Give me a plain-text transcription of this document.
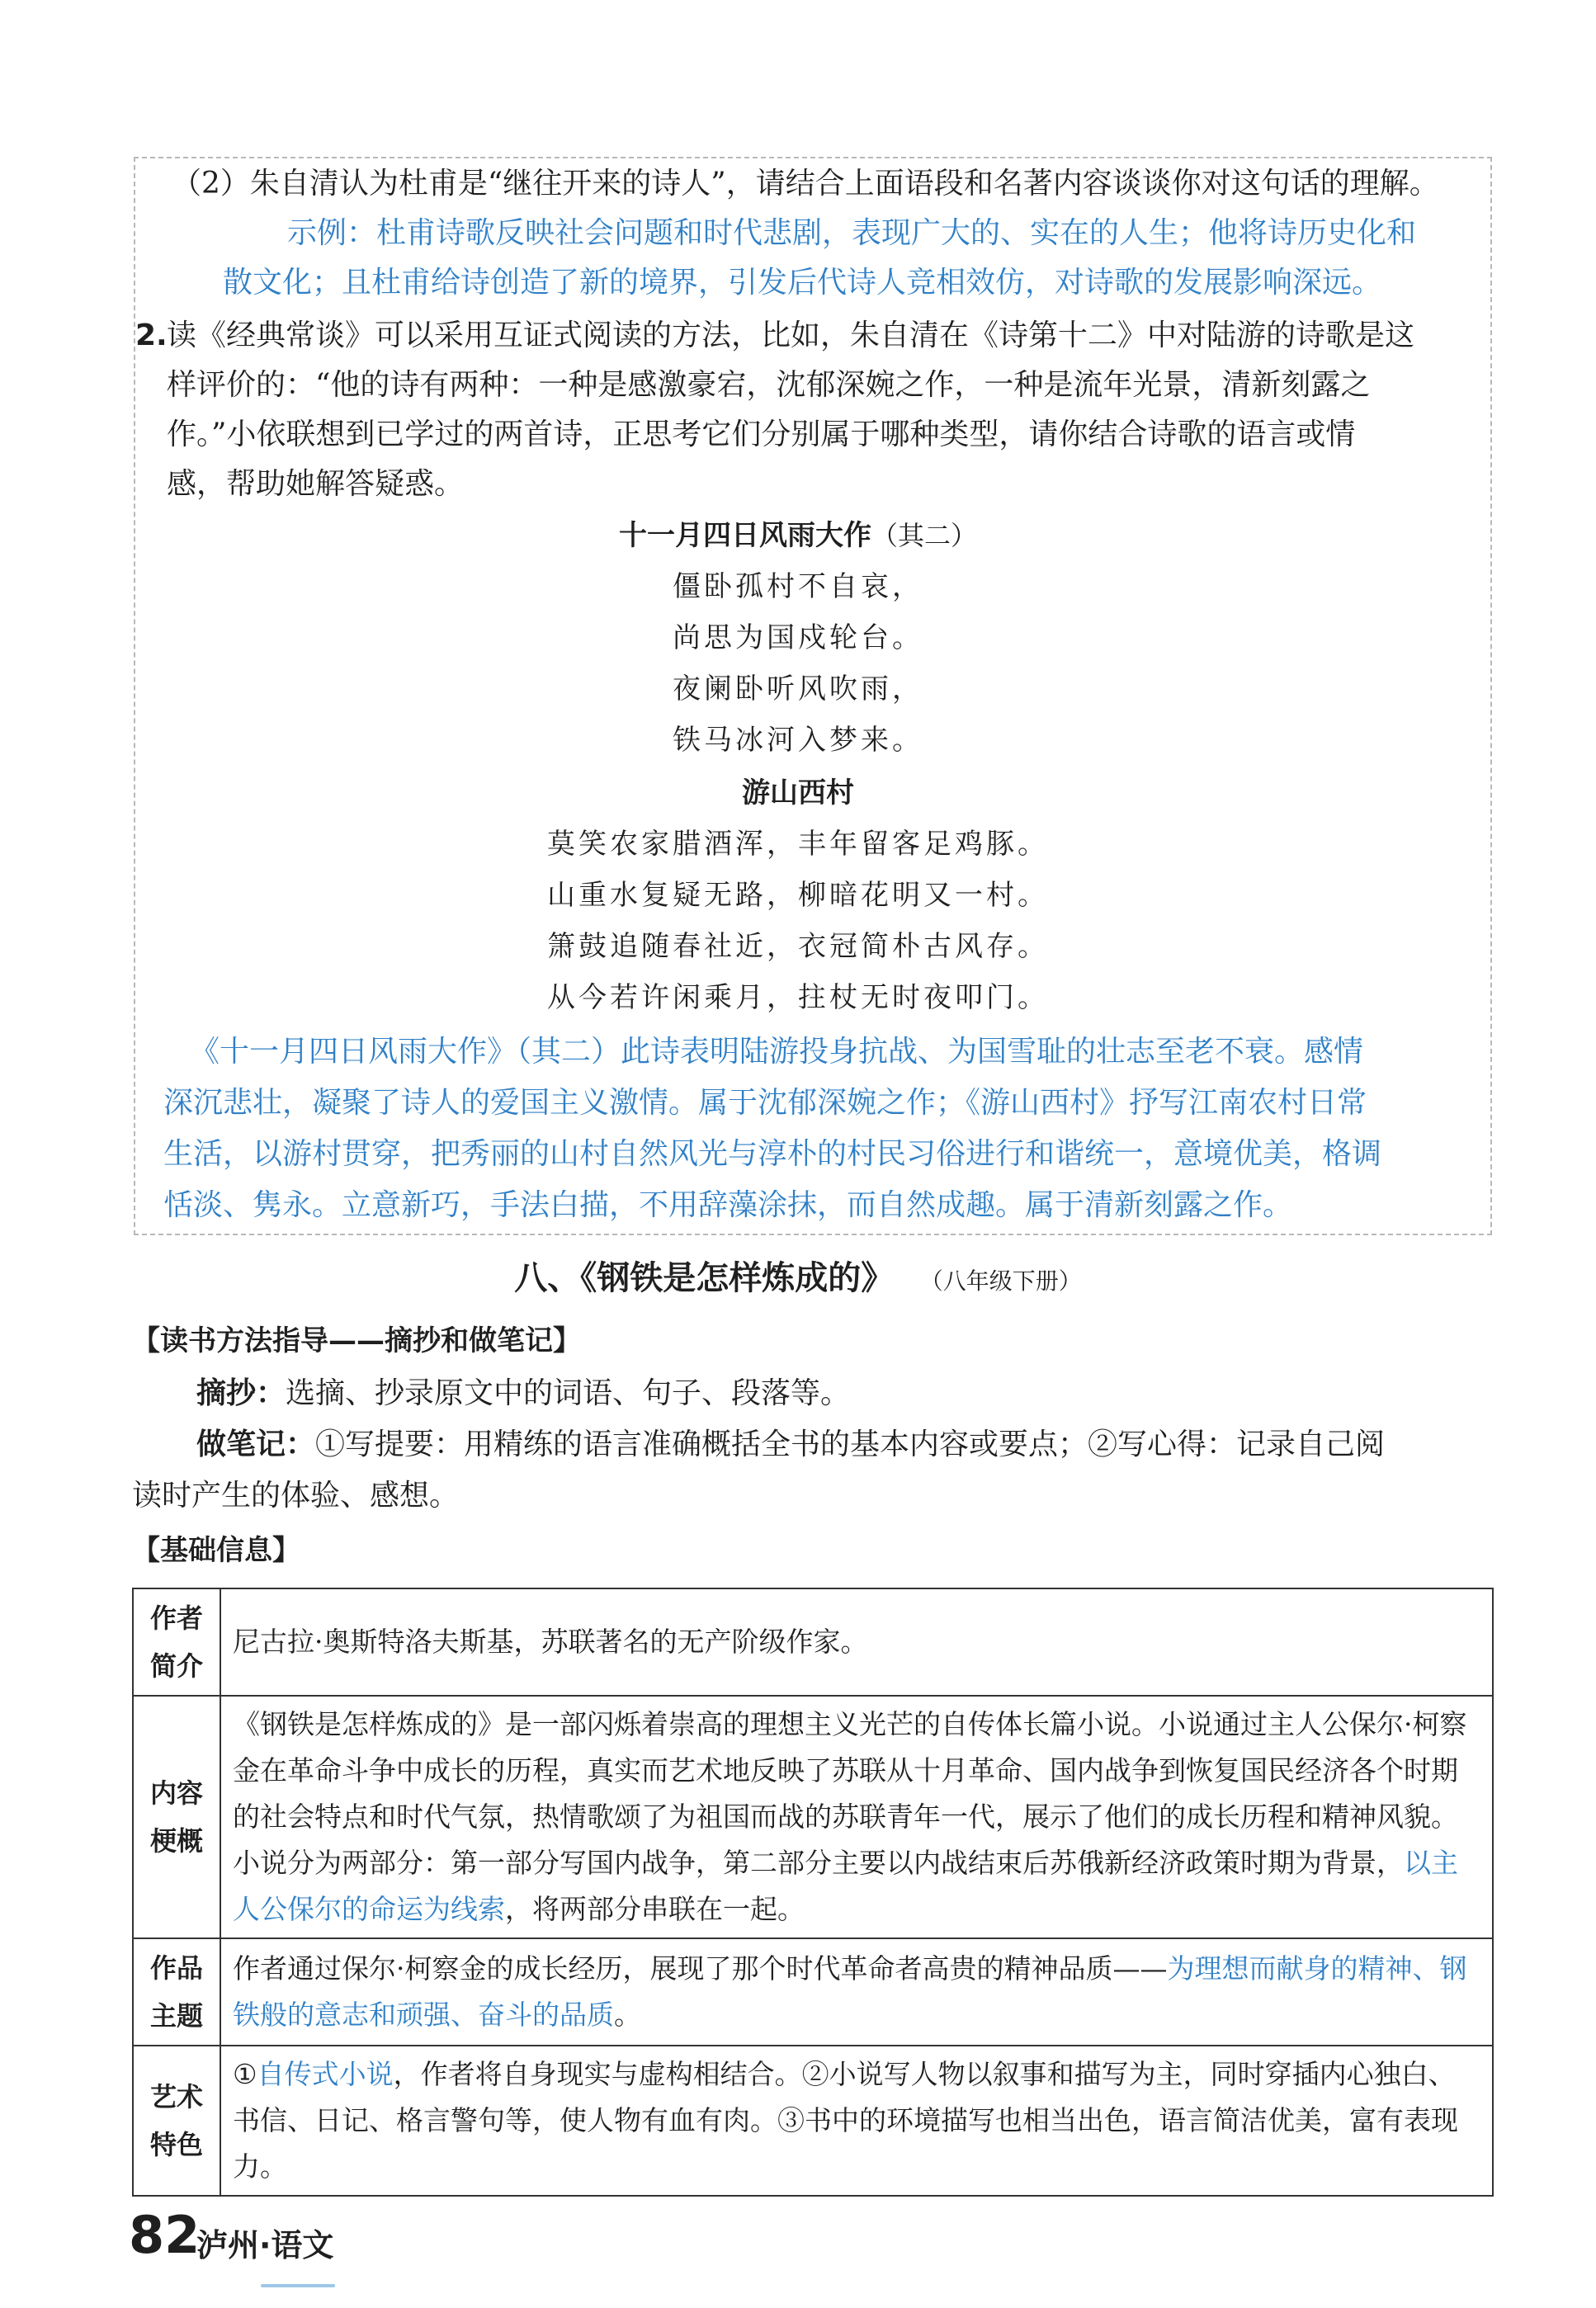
（2）朱自清认为杜甫是“继往开来的诗人”，请结合上面语段和名著内容谈谈你对这句话的理解。
示例：杜甫诗歌反映社会问题和时代悲剧，表现广大的、实在的人生；他将诗历史化和
散文化；且杜甫给诗创造了新的境界，引发后代诗人竞相效仿，对诗歌的发展影响深远。
2. 读《经典常谈》可以采用互证式阅读的方法，比如，朱自清在《诗第十二》中对陆游的诗歌是这
样评价的：“他的诗有两种：一种是感激豪宕，沈郁深婉之作，一种是流年光景，清新刻露之
作。”小依联想到已学过的两首诗，正思考它们分别属于哪种类型，请你结合诗歌的语言或情
感，帮助她解答疑惑。
十一月四日风雨大作（其二）
僵卧孤村不自哀，
尚思为国戍轮台。
夜阑卧听风吹雨，
铁马冰河入梦来。
游山西村
莫笑农家腊酒浑，丰年留客足鸡豚。
山重水复疑无路，柳暗花明又一村。
箫鼓追随春社近，衣冠简朴古风存。
从今若许闲乘月，拄杖无时夜叩门。
《十一月四日风雨大作》（其二）此诗表明陆游投身抗战、为国雪耻的壮志至老不衰。感情
深沉悲壮，凝聚了诗人的爱国主义激情。属于沈郁深婉之作；《游山西村》抒写江南农村日常
生活，以游村贯穿，把秀丽的山村自然风光与淳朴的村民习俗进行和谐统一，意境优美，格调
恬淡、隽永。立意新巧，手法白描，不用辞藻涂抹，而自然成趣。属于清新刻露之作。
八、《钢铁是怎样炼成的》 （八年级下册）
【读书方法指导——摘抄和做笔记】
摘抄：选摘、抄录原文中的词语、句子、段落等。
做笔记：①写提要：用精练的语言准确概括全书的基本内容或要点；②写心得：记录自己阅
读时产生的体验、感想。
【基础信息】
作者
简介	尼古拉·奥斯特洛夫斯基，苏联著名的无产阶级作家。
内容
梗概	《钢铁是怎样炼成的》是一部闪烁着崇高的理想主义光芒的自传体长篇小说。小说通过主人公保尔·柯察金在革命斗争中成长的历程，真实而艺术地反映了苏联从十月革命、国内战争到恢复国民经济各个时期的社会特点和时代气氛，热情歌颂了为祖国而战的苏联青年一代，展示了他们的成长历程和精神风貌。小说分为两部分：第一部分写国内战争，第二部分主要以内战结束后苏俄新经济政策时期为背景，以主人公保尔的命运为线索，将两部分串联在一起。
作品
主题	作者通过保尔·柯察金的成长经历，展现了那个时代革命者高贵的精神品质——为理想而献身的精神、钢铁般的意志和顽强、奋斗的品质。
艺术
特色	①自传式小说，作者将自身现实与虚构相结合。②小说写人物以叙事和描写为主，同时穿插内心独白、书信、日记、格言警句等，使人物有血有肉。③书中的环境描写也相当出色，语言简洁优美，富有表现力。
82
泸州·语文
